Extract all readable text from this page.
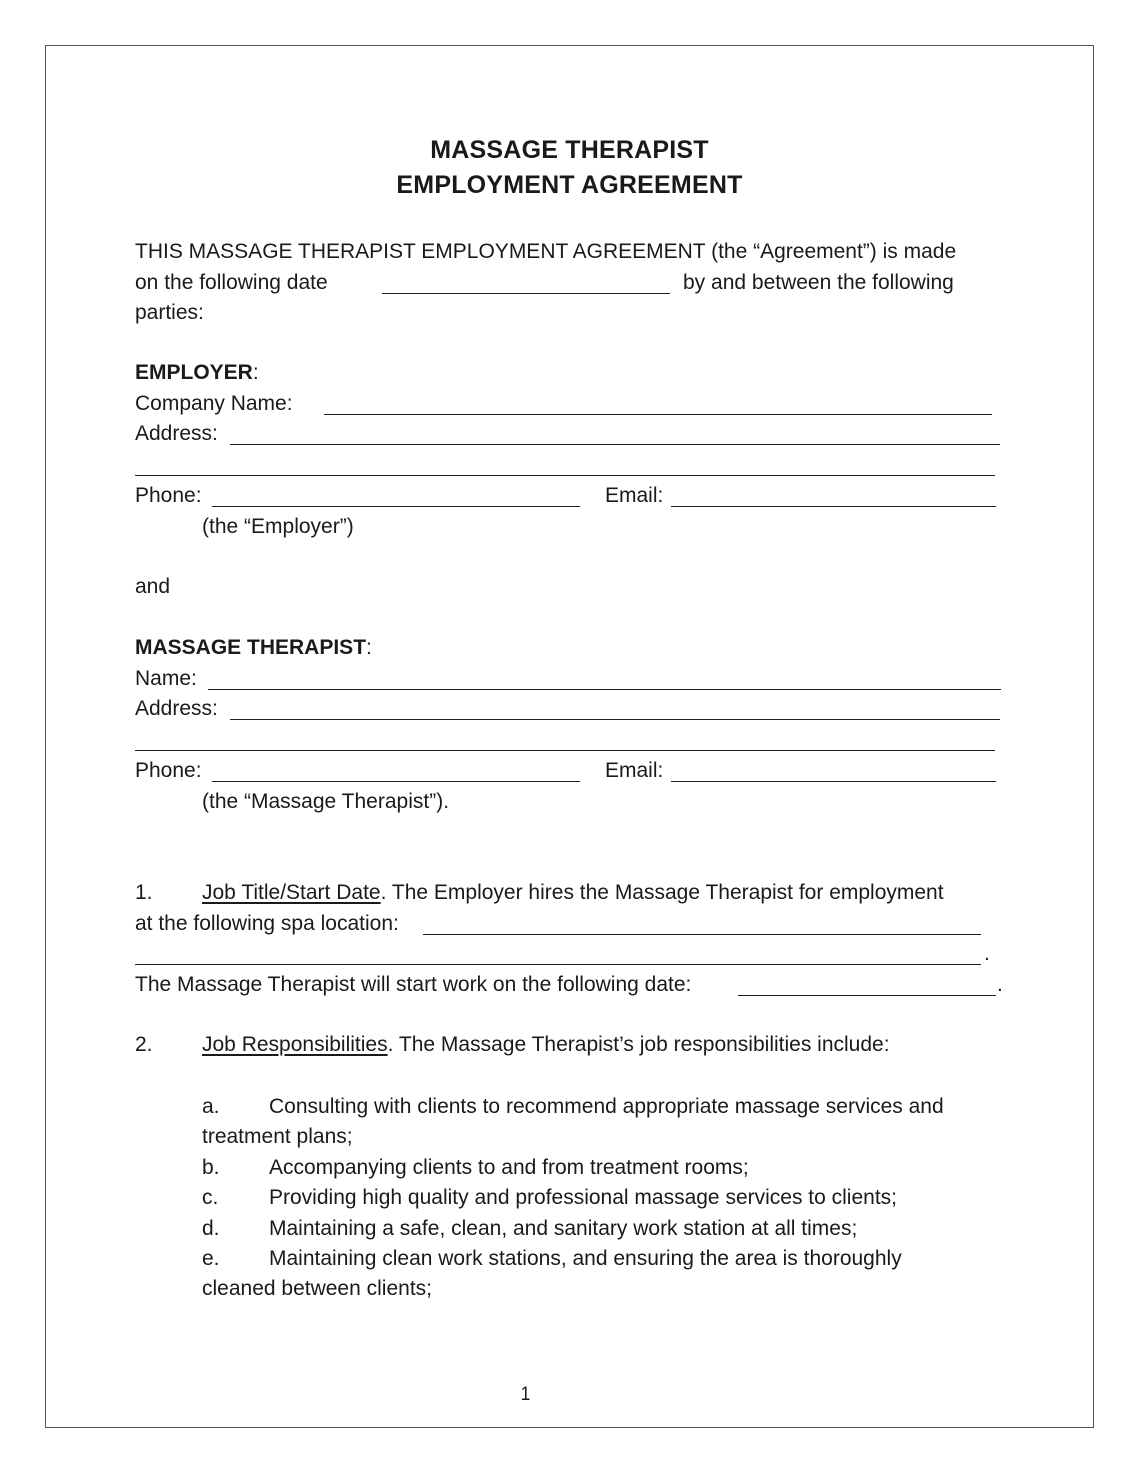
MASSAGE THERAPIST
EMPLOYMENT AGREEMENT
THIS MASSAGE THERAPIST EMPLOYMENT AGREEMENT (the “Agreement”) is made
on the following date	by and between the following
parties:
EMPLOYER:
Company Name:
Address:
Phone:	Email:
(the “Employer”)
and
MASSAGE THERAPIST:
Name:
Address:
Phone:	Email:
(the “Massage Therapist”).
1. Job Title/Start Date. The Employer hires the Massage Therapist for employment
at the following spa location:
.
The Massage Therapist will start work on the following date:	.
2. Job Responsibilities. The Massage Therapist’s job responsibilities include:
a. Consulting with clients to recommend appropriate massage services and
treatment plans;
b. Accompanying clients to and from treatment rooms;
c. Providing high quality and professional massage services to clients;
d. Maintaining a safe, clean, and sanitary work station at all times;
e. Maintaining clean work stations, and ensuring the area is thoroughly
cleaned between clients;
1
